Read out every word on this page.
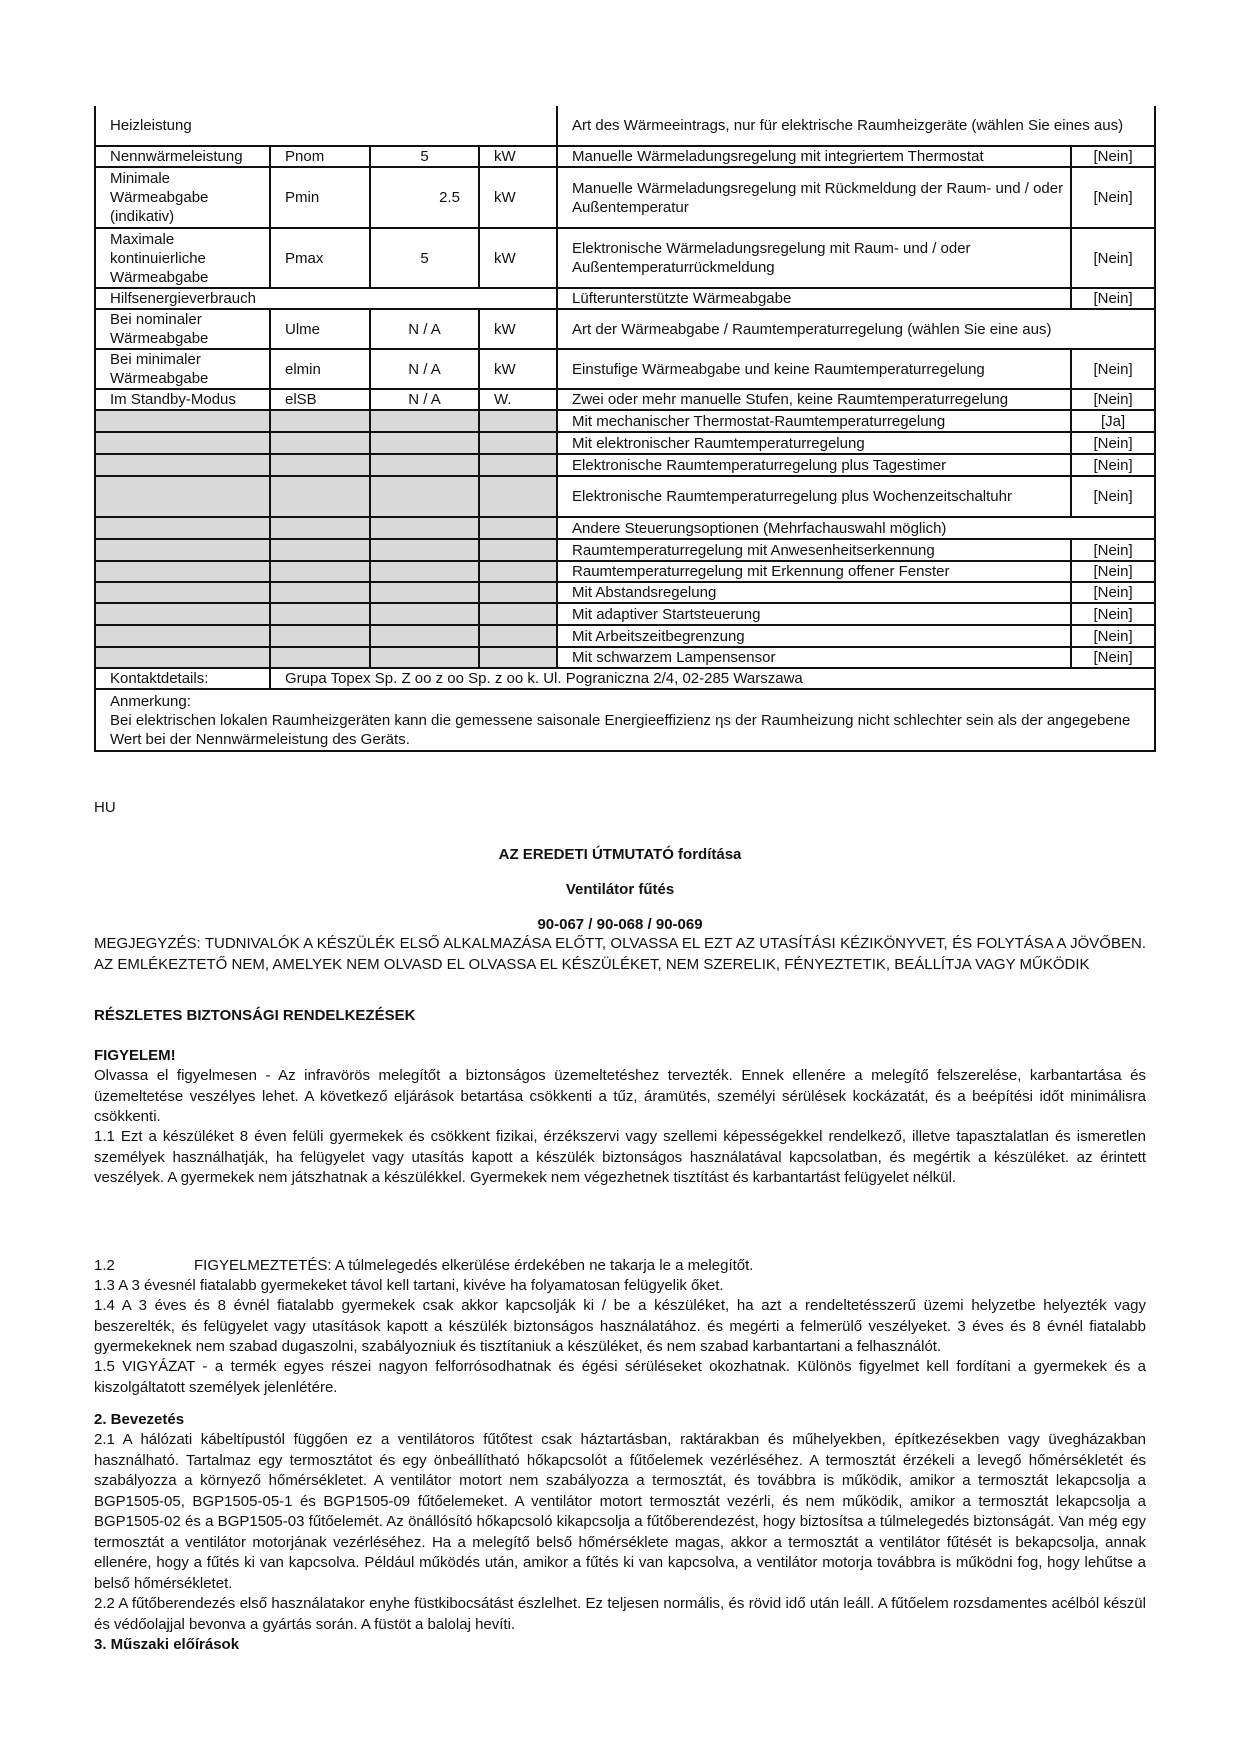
Heizleistung				Art des Wärmeeintrags, nur für elektrische Raumheizgeräte (wählen Sie eines aus)	
Nennwärmeleistung	Pnom	5	kW	Manuelle Wärmeladungsregelung mit integriertem Thermostat	[Nein]
Minimale Wärmeabgabe (indikativ)	Pmin	2.5	kW	Manuelle Wärmeladungsregelung mit Rückmeldung der Raum- und / oder Außentemperatur	[Nein]
Maximale kontinuierliche Wärmeabgabe	Pmax	5	kW	Elektronische Wärmeladungsregelung mit Raum- und / oder Außentemperaturrückmeldung	[Nein]
Hilfsenergieverbrauch				Lüfterunterstützte Wärmeabgabe	[Nein]
Bei nominaler Wärmeabgabe	Ulme	N / A	kW	Art der Wärmeabgabe / Raumtemperaturregelung (wählen Sie eine aus)	
Bei minimaler Wärmeabgabe	elmin	N / A	kW	Einstufige Wärmeabgabe und keine Raumtemperaturregelung	[Nein]
Im Standby-Modus	elSB	N / A	W.	Zwei oder mehr manuelle Stufen, keine Raumtemperaturregelung	[Nein]
				Mit mechanischer Thermostat-Raumtemperaturregelung	[Ja]
				Mit elektronischer Raumtemperaturregelung	[Nein]
				Elektronische Raumtemperaturregelung plus Tagestimer	[Nein]
				Elektronische Raumtemperaturregelung plus Wochenzeitschaltuhr	[Nein]
				Andere Steuerungsoptionen (Mehrfachauswahl möglich)	
				Raumtemperaturregelung mit Anwesenheitserkennung	[Nein]
				Raumtemperaturregelung mit Erkennung offener Fenster	[Nein]
				Mit Abstandsregelung	[Nein]
				Mit adaptiver Startsteuerung	[Nein]
				Mit Arbeitszeitbegrenzung	[Nein]
				Mit schwarzem Lampensensor	[Nein]
Kontaktdetails:	Grupa Topex Sp. Z oo z oo Sp. z oo k. Ul. Pograniczna 2/4, 02-285 Warszawa				
Anmerkung:
Bei elektrischen lokalen Raumheizgeräten kann die gemessene saisonale Energieeffizienz ηs der Raumheizung nicht schlechter sein als der angegebene Wert bei der Nennwärmeleistung des Geräts.					
HU
AZ EREDETI ÚTMUTATÓ fordítása
Ventilátor fűtés
90-067 / 90-068 / 90-069
MEGJEGYZÉS: TUDNIVALÓK A KÉSZÜLÉK ELSŐ ALKALMAZÁSA ELŐTT, OLVASSA EL EZT AZ UTASÍTÁSI KÉZIKÖNYVET, ÉS FOLYTÁSA A JÖVŐBEN. AZ EMLÉKEZTETŐ NEM, AMELYEK NEM OLVASD EL OLVASSA EL KÉSZÜLÉKET, NEM SZERELIK, FÉNYEZTETIK, BEÁLLÍTJA VAGY MŰKÖDIK
RÉSZLETES BIZTONSÁGI RENDELKEZÉSEK
FIGYELEM!
Olvassa el figyelmesen - Az infravörös melegítőt a biztonságos üzemeltetéshez tervezték. Ennek ellenére a melegítő felszerelése, karbantartása és üzemeltetése veszélyes lehet. A következő eljárások betartása csökkenti a tűz, áramütés, személyi sérülések kockázatát, és a beépítési időt minimálisra csökkenti.
1.1 Ezt a készüléket 8 éven felüli gyermekek és csökkent fizikai, érzékszervi vagy szellemi képességekkel rendelkező, illetve tapasztalatlan és ismeretlen személyek használhatják, ha felügyelet vagy utasítás kapott a készülék biztonságos használatával kapcsolatban, és megértik a készüléket. az érintett veszélyek. A gyermekek nem játszhatnak a készülékkel. Gyermekek nem végezhetnek tisztítást és karbantartást felügyelet nélkül.
1.2	FIGYELMEZTETÉS: A túlmelegedés elkerülése érdekében ne takarja le a melegítőt.
1.3 A 3 évesnél fiatalabb gyermekeket távol kell tartani, kivéve ha folyamatosan felügyelik őket.
1.4 A 3 éves és 8 évnél fiatalabb gyermekek csak akkor kapcsolják ki / be a készüléket, ha azt a rendeltetésszerű üzemi helyzetbe helyezték vagy beszerelték, és felügyelet vagy utasítások kapott a készülék biztonságos használatához. és megérti a felmerülő veszélyeket. 3 éves és 8 évnél fiatalabb gyermekeknek nem szabad dugaszolni, szabályozniuk és tisztítaniuk a készüléket, és nem szabad karbantartani a felhasználót.
1.5 VIGYÁZAT - a termék egyes részei nagyon felforrósodhatnak és égési sérüléseket okozhatnak. Különös figyelmet kell fordítani a gyermekek és a kiszolgáltatott személyek jelenlétére.
2. Bevezetés
2.1 A hálózati kábeltípustól függően ez a ventilátoros fűtőtest csak háztartásban, raktárakban és műhelyekben, építkezésekben vagy üvegházakban használható. Tartalmaz egy termosztátot és egy önbeállítható hőkapcsolót a fűtőelemek vezérléséhez. A termosztát érzékeli a levegő hőmérsékletét és szabályozza a környező hőmérsékletet. A ventilátor motort nem szabályozza a termosztát, és továbbra is működik, amikor a termosztát lekapcsolja a BGP1505-05, BGP1505-05-1 és BGP1505-09 fűtőelemeket. A ventilátor motort termosztát vezérli, és nem működik, amikor a termosztát lekapcsolja a BGP1505-02 és a BGP1505-03 fűtőelemét. Az önállósító hőkapcsoló kikapcsolja a fűtőberendezést, hogy biztosítsa a túlmelegedés biztonságát. Van még egy termosztát a ventilátor motorjának vezérléséhez. Ha a melegítő belső hőmérséklete magas, akkor a termosztát a ventilátor fűtését is bekapcsolja, annak ellenére, hogy a fűtés ki van kapcsolva. Például működés után, amikor a fűtés ki van kapcsolva, a ventilátor motorja továbbra is működni fog, hogy lehűtse a belső hőmérsékletet.
2.2 A fűtőberendezés első használatakor enyhe füstkibocsátást észlelhet. Ez teljesen normális, és rövid idő után leáll. A fűtőelem rozsdamentes acélból készül és védőolajjal bevonva a gyártás során. A füstöt a balolaj hevíti.
3. Műszaki előírások
